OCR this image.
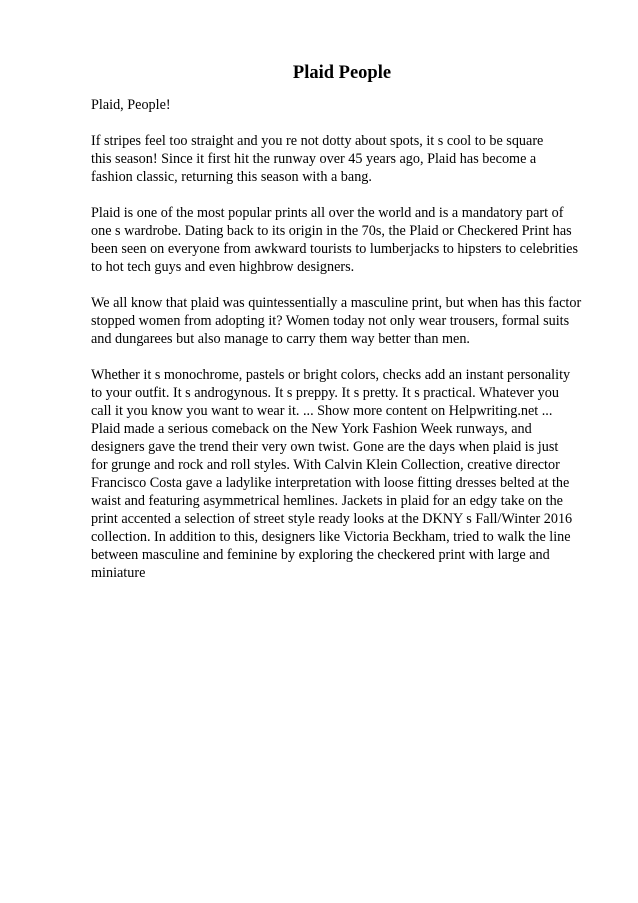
Plaid People

Plaid, People!

If stripes feel too straight and you re not dotty about spots, it s cool to be square
this season! Since it first hit the runway over 45 years ago, Plaid has become a
fashion classic, returning this season with a bang.

Plaid is one of the most popular prints all over the world and is a mandatory part of
one s wardrobe. Dating back to its origin in the 70s, the Plaid or Checkered Print has
been seen on everyone from awkward tourists to lumberjacks to hipsters to celebrities
to hot tech guys and even highbrow designers.

We all know that plaid was quintessentially a masculine print, but when has this factor
stopped women from adopting it? Women today not only wear trousers, formal suits
and dungarees but also manage to carry them way better than men.

Whether it s monochrome, pastels or bright colors, checks add an instant personality
to your outfit. It s androgynous. It s preppy. It s pretty. It s practical. Whatever you
call it you know you want to wear it. ... Show more content on Helpwriting.net ...
Plaid made a serious comeback on the New York Fashion Week runways, and
designers gave the trend their very own twist. Gone are the days when plaid is just
for grunge and rock and roll styles. With Calvin Klein Collection, creative director
Francisco Costa gave a ladylike interpretation with loose fitting dresses belted at the
waist and featuring asymmetrical hemlines. Jackets in plaid for an edgy take on the
print accented a selection of street style ready looks at the DKNY s Fall/Winter 2016
collection. In addition to this, designers like Victoria Beckham, tried to walk the line
between masculine and feminine by exploring the checkered print with large and
miniature
